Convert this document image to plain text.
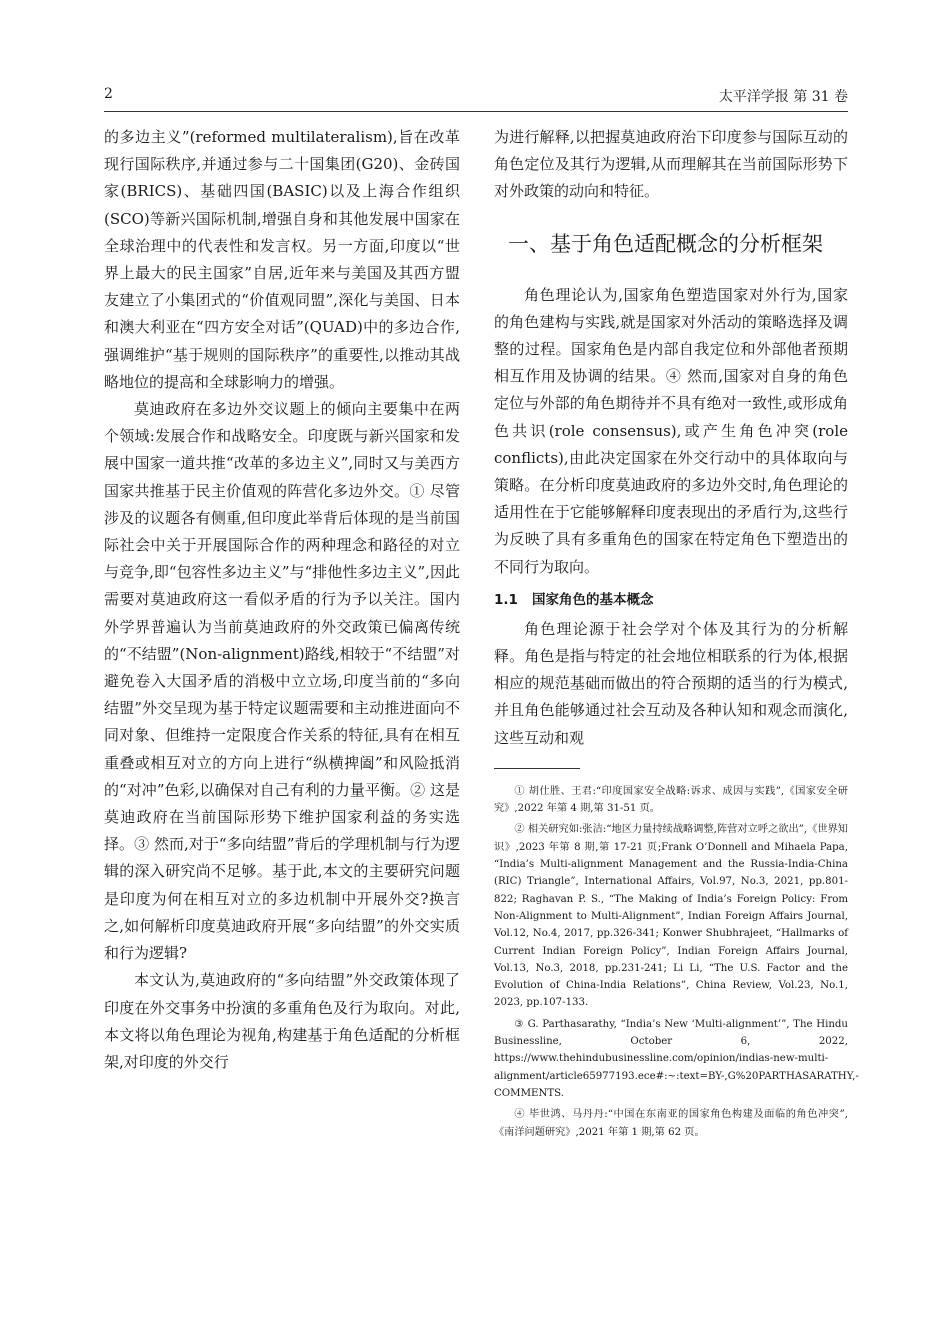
2	太平洋学报 第 31 卷

的多边主义”(reformed multilateralism),旨在改革现行国际秩序,并通过参与二十国集团(G20)、金砖国家(BRICS)、基础四国(BASIC)以及上海合作组织(SCO)等新兴国际机制,增强自身和其他发展中国家在全球治理中的代表性和发言权。另一方面,印度以“世界上最大的民主国家”自居,近年来与美国及其西方盟友建立了小集团式的“价值观同盟”,深化与美国、日本和澳大利亚在“四方安全对话”(QUAD)中的多边合作,强调维护“基于规则的国际秩序”的重要性,以推动其战略地位的提高和全球影响力的增强。

莫迪政府在多边外交议题上的倾向主要集中在两个领域:发展合作和战略安全。印度既与新兴国家和发展中国家一道共推“改革的多边主义”,同时又与美西方国家共推基于民主价值观的阵营化多边外交。① 尽管涉及的议题各有侧重,但印度此举背后体现的是当前国际社会中关于开展国际合作的两种理念和路径的对立与竞争,即“包容性多边主义”与“排他性多边主义”,因此需要对莫迪政府这一看似矛盾的行为予以关注。国内外学界普遍认为当前莫迪政府的外交政策已偏离传统的“不结盟”(Non-alignment)路线,相较于“不结盟”对避免卷入大国矛盾的消极中立立场,印度当前的“多向结盟”外交呈现为基于特定议题需要和主动推进面向不同对象、但维持一定限度合作关系的特征,具有在相互重叠或相互对立的方向上进行“纵横捭阖”和风险抵消的“对冲”色彩,以确保对自己有利的力量平衡。② 这是莫迪政府在当前国际形势下维护国家利益的务实选择。③ 然而,对于“多向结盟”背后的学理机制与行为逻辑的深入研究尚不足够。基于此,本文的主要研究问题是印度为何在相互对立的多边机制中开展外交?换言之,如何解析印度莫迪政府开展“多向结盟”的外交实质和行为逻辑?

本文认为,莫迪政府的“多向结盟”外交政策体现了印度在外交事务中扮演的多重角色及行为取向。对此,本文将以角色理论为视角,构建基于角色适配的分析框架,对印度的外交行

为进行解释,以把握莫迪政府治下印度参与国际互动的角色定位及其行为逻辑,从而理解其在当前国际形势下对外政策的动向和特征。

一、基于角色适配概念的分析框架

角色理论认为,国家角色塑造国家对外行为,国家的角色建构与实践,就是国家对外活动的策略选择及调整的过程。国家角色是内部自我定位和外部他者预期相互作用及协调的结果。④ 然而,国家对自身的角色定位与外部的角色期待并不具有绝对一致性,或形成角色共识(role consensus),或产生角色冲突(role conflicts),由此决定国家在外交行动中的具体取向与策略。在分析印度莫迪政府的多边外交时,角色理论的适用性在于它能够解释印度表现出的矛盾行为,这些行为反映了具有多重角色的国家在特定角色下塑造出的不同行为取向。

1.1 国家角色的基本概念

角色理论源于社会学对个体及其行为的分析解释。角色是指与特定的社会地位相联系的行为体,根据相应的规范基础而做出的符合预期的适当的行为模式,并且角色能够通过社会互动及各种认知和观念而演化,这些互动和观

① 胡仕胜、王君:“印度国家安全战略:诉求、成因与实践”,《国家安全研究》,2022 年第 4 期,第 31-51 页。

② 相关研究如:张洁:“地区力量持续战略调整,阵营对立呼之欲出”,《世界知识》,2023 年第 8 期,第 17-21 页;Frank O’Donnell and Mihaela Papa, “India’s Multi-alignment Management and the Russia-India-China (RIC) Triangle”, International Affairs, Vol.97, No.3, 2021, pp.801-822; Raghavan P. S., “The Making of India’s Foreign Policy: From Non-Alignment to Multi-Alignment”, Indian Foreign Affairs Journal, Vol.12, No.4, 2017, pp.326-341; Konwer Shubhrajeet, “Hallmarks of Current Indian Foreign Policy”, Indian Foreign Affairs Journal, Vol.13, No.3, 2018, pp.231-241; Li Li, “The U.S. Factor and the Evolution of China-India Relations”, China Review, Vol.23, No.1, 2023, pp.107-133.

③ G. Parthasarathy, “India’s New ‘Multi-alignment’”, The Hindu Businessline, October 6, 2022, https://www.thehindubusinessline.com/opinion/indias-new-multi-alignment/article65977193.ece#:~:text=BY-,G%20PARTHASARATHY,-COMMENTS.

④ 毕世鸿、马丹丹:“中国在东南亚的国家角色构建及面临的角色冲突”,《南洋问题研究》,2021 年第 1 期,第 62 页。
